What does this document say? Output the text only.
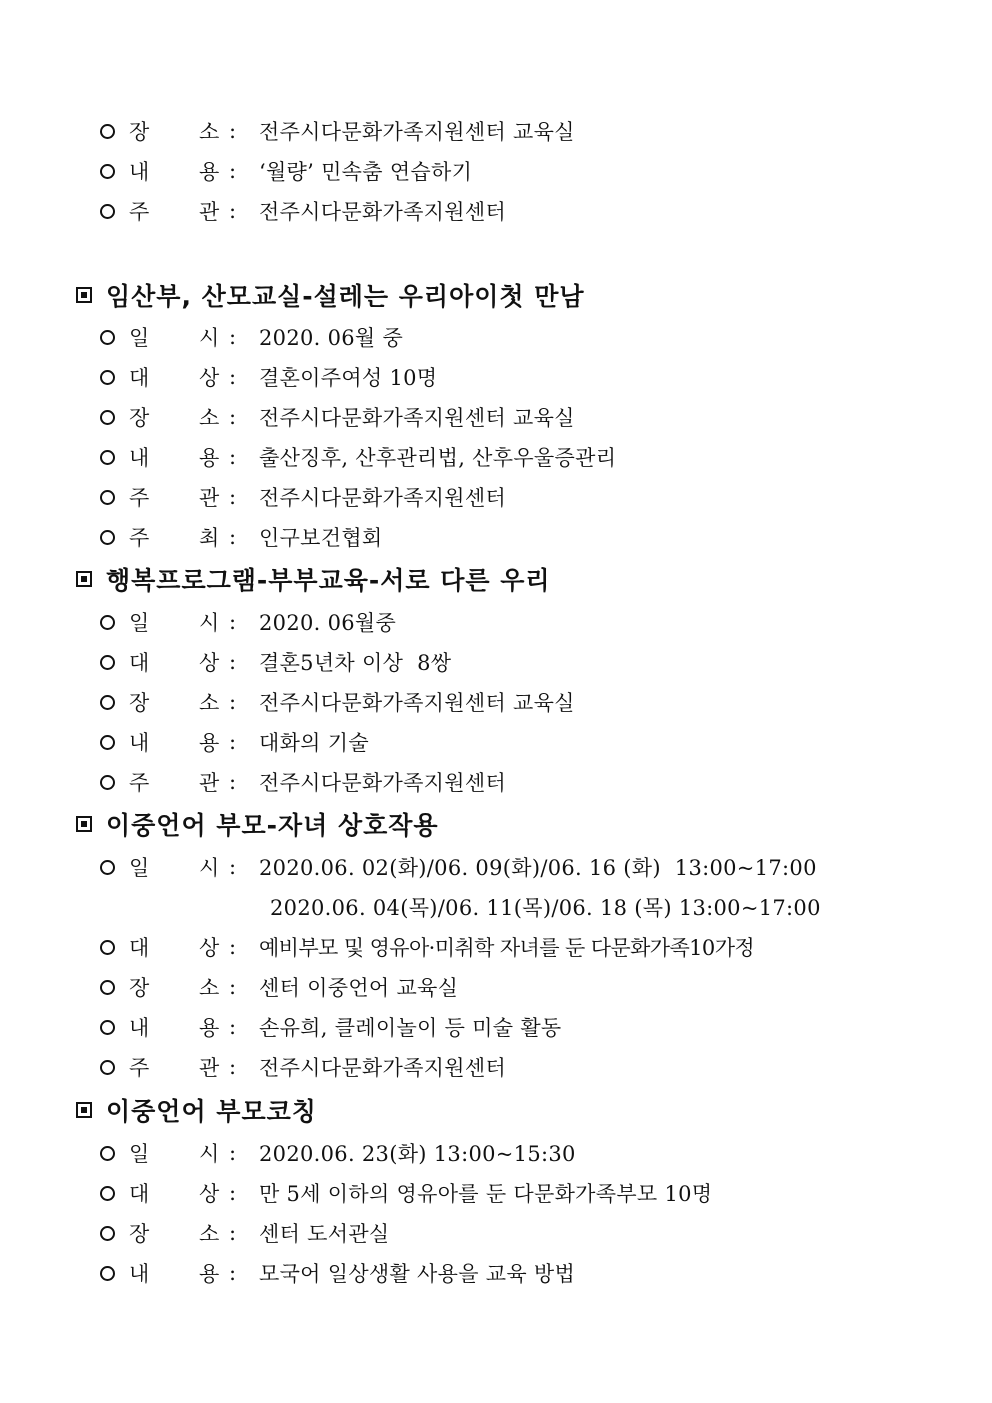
장	소 :	전주시다문화가족지원센터 교육실
내	용 :	‘월량’ 민속춤 연습하기
주	관 :	전주시다문화가족지원센터
임산부, 산모교실-설레는 우리아이첫 만남
일	시 :	2020. 06월 중
대	상 :	결혼이주여성 10명
장	소 :	전주시다문화가족지원센터 교육실
내	용 :	출산징후, 산후관리법, 산후우울증관리
주	관 :	전주시다문화가족지원센터
주	최 :	인구보건협회
행복프로그램-부부교육-서로 다른 우리
일	시 :	2020. 06월중
대	상 :	결혼5년차 이상  8쌍
장	소 :	전주시다문화가족지원센터 교육실
내	용 :	대화의 기술
주	관 :	전주시다문화가족지원센터
이중언어 부모-자녀 상호작용
일	시 :	2020.06. 02(화)/06. 09(화)/06. 16 (화)  13:00~17:00
2020.06. 04(목)/06. 11(목)/06. 18 (목) 13:00~17:00
대	상 :	예비부모 및 영유아·미취학 자녀를 둔 다문화가족10가정
장	소 :	센터 이중언어 교육실
내	용 :	손유희, 클레이놀이 등 미술 활동
주	관 :	전주시다문화가족지원센터
이중언어 부모코칭
일	시 :	2020.06. 23(화) 13:00~15:30
대	상 :	만 5세 이하의 영유아를 둔 다문화가족부모 10명
장	소 :	센터 도서관실
내	용 :	모국어 일상생활 사용을 교육 방법
